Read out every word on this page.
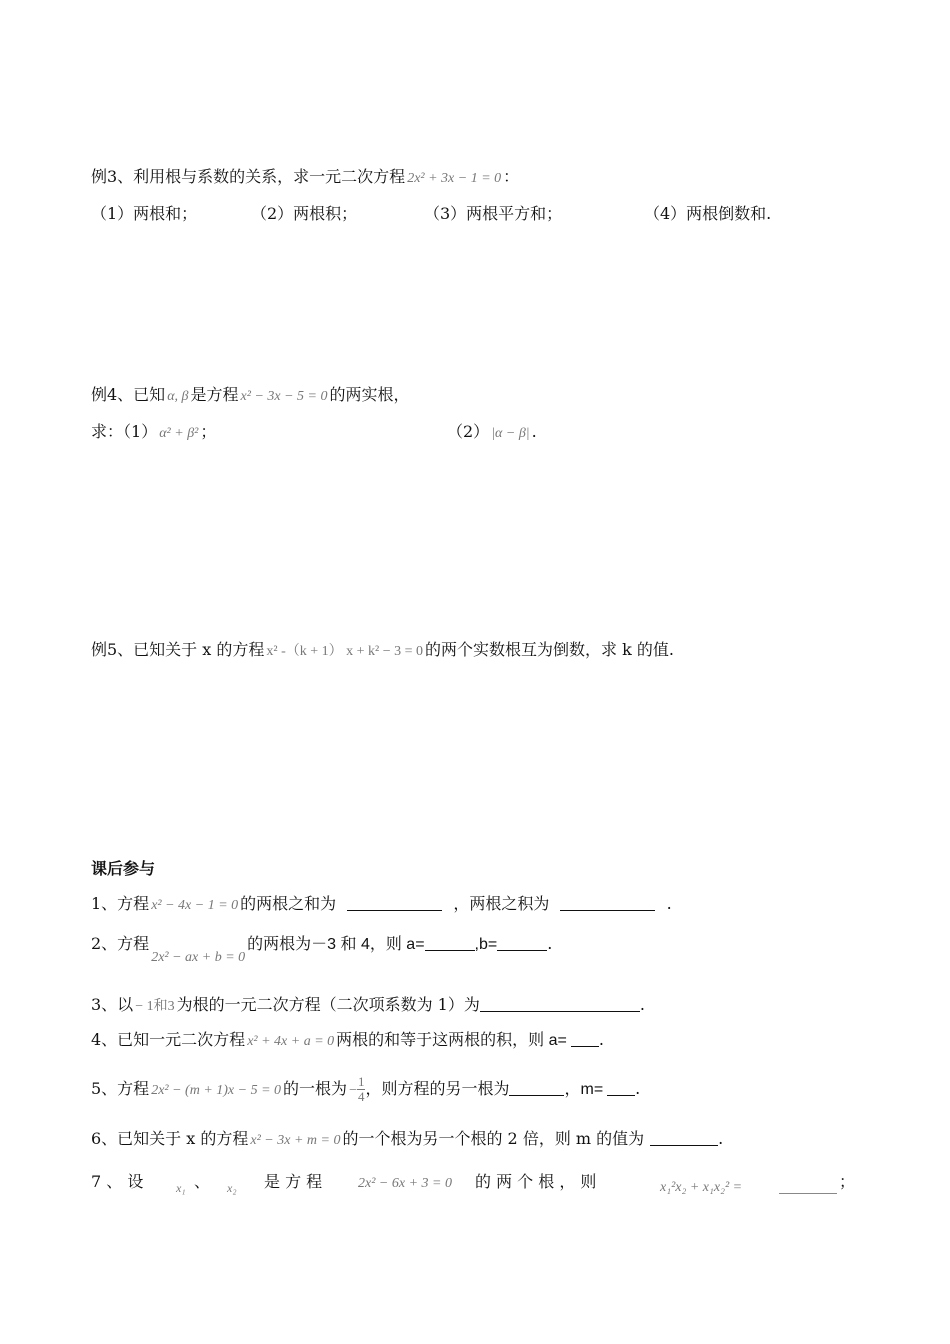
例3、利用根与系数的关系，求一元二次方程 2x² + 3x − 1 = 0 ：
（1）两根和；	（2）两根积；	（3）两根平方和；	（4）两根倒数和.
例4、已知 α, β 是方程 x² − 3x − 5 = 0 的两实根，
求：（1） α² + β² ；	（2） |α − β| .
例5、已知关于 x 的方程 x² -（k + 1） x + k² − 3 = 0 的两个实数根互为倒数，求 k 的值.
课后参与
1、方程 x² − 4x − 1 = 0 的两根之和为	，两根之积为	.
2、方程2x² − ax + b = 0的两根为－3 和 4，则 a=	,b=	.
3、以 − 1和3 为根的一元二次方程（二次项系数为 1）为	.
4、已知一元二次方程 x² + 4x + a = 0 两根的和等于这两根的积，则 a= .
5、方程 2x² − (m + 1)x − 5 = 0 的一根为 − $\frac{1}{4}$ ，则方程的另一根为	，m= .
6、已知关于 x 的方程 x² − 3x + m = 0 的一个根为另一个根的 2 倍，则 m 的值为	.
7 、 设	x₁ 、 x₂ 是 方 程	2x² − 6x + 3 = 0 的 两 个 根 ， 则	x₁²x₂ + x₁x₂² =	；
